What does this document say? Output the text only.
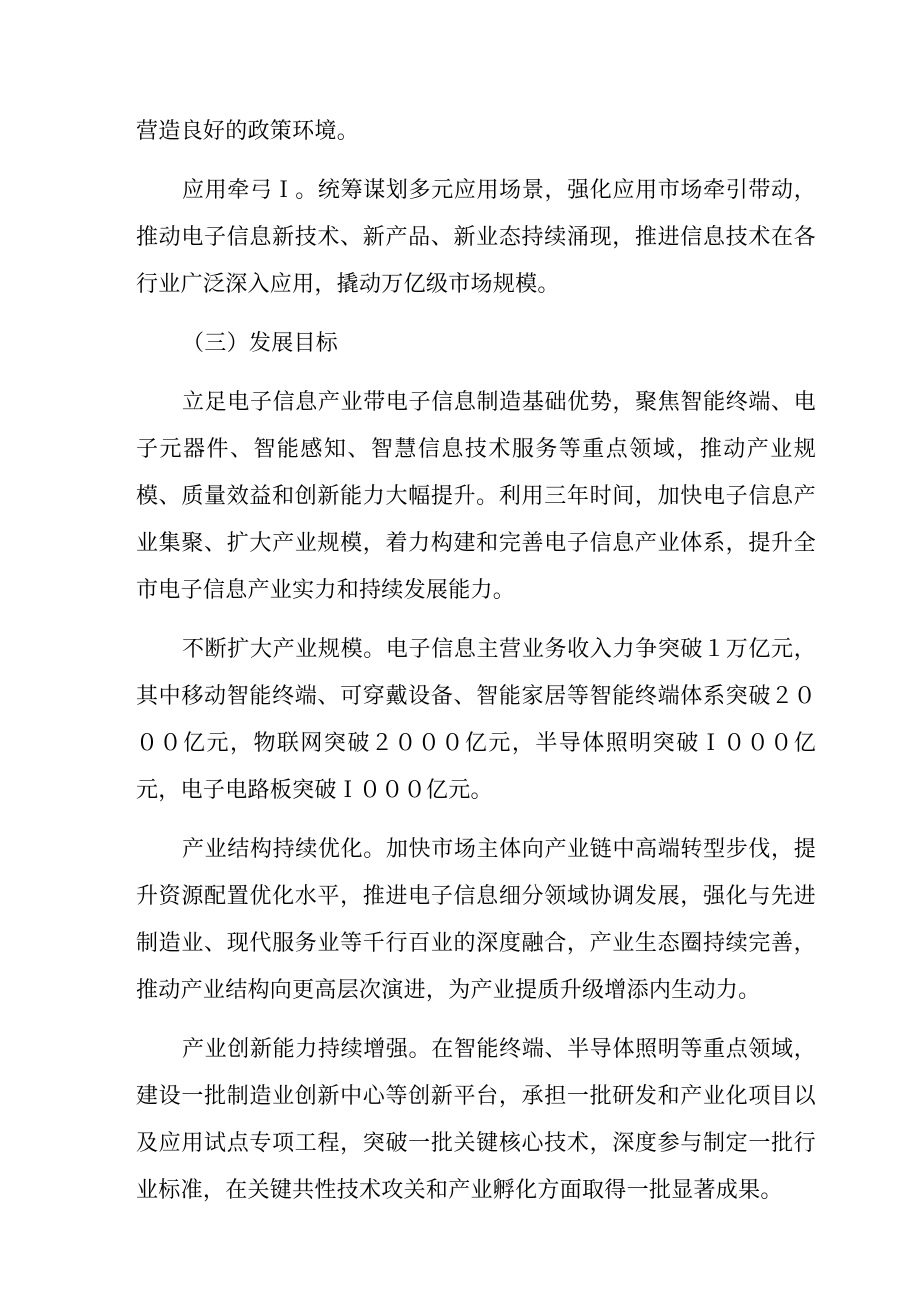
营造良好的政策环境。

应用牵弓Ｉ。统筹谋划多元应用场景，强化应用市场牵引带动，推动电子信息新技术、新产品、新业态持续涌现，推进信息技术在各行业广泛深入应用，撬动万亿级市场规模。

（三）发展目标

立足电子信息产业带电子信息制造基础优势，聚焦智能终端、电子元器件、智能感知、智慧信息技术服务等重点领域，推动产业规模、质量效益和创新能力大幅提升。利用三年时间，加快电子信息产业集聚、扩大产业规模，着力构建和完善电子信息产业体系，提升全市电子信息产业实力和持续发展能力。

不断扩大产业规模。电子信息主营业务收入力争突破１万亿元，其中移动智能终端、可穿戴设备、智能家居等智能终端体系突破２０００亿元，物联网突破２０００亿元，半导体照明突破Ｉ０００亿元，电子电路板突破Ｉ０００亿元。

产业结构持续优化。加快市场主体向产业链中高端转型步伐，提升资源配置优化水平，推进电子信息细分领域协调发展，强化与先进制造业、现代服务业等千行百业的深度融合，产业生态圈持续完善，推动产业结构向更高层次演进，为产业提质升级增添内生动力。

产业创新能力持续增强。在智能终端、半导体照明等重点领域，建设一批制造业创新中心等创新平台，承担一批研发和产业化项目以及应用试点专项工程，突破一批关键核心技术，深度参与制定一批行业标准，在关键共性技术攻关和产业孵化方面取得一批显著成果。
